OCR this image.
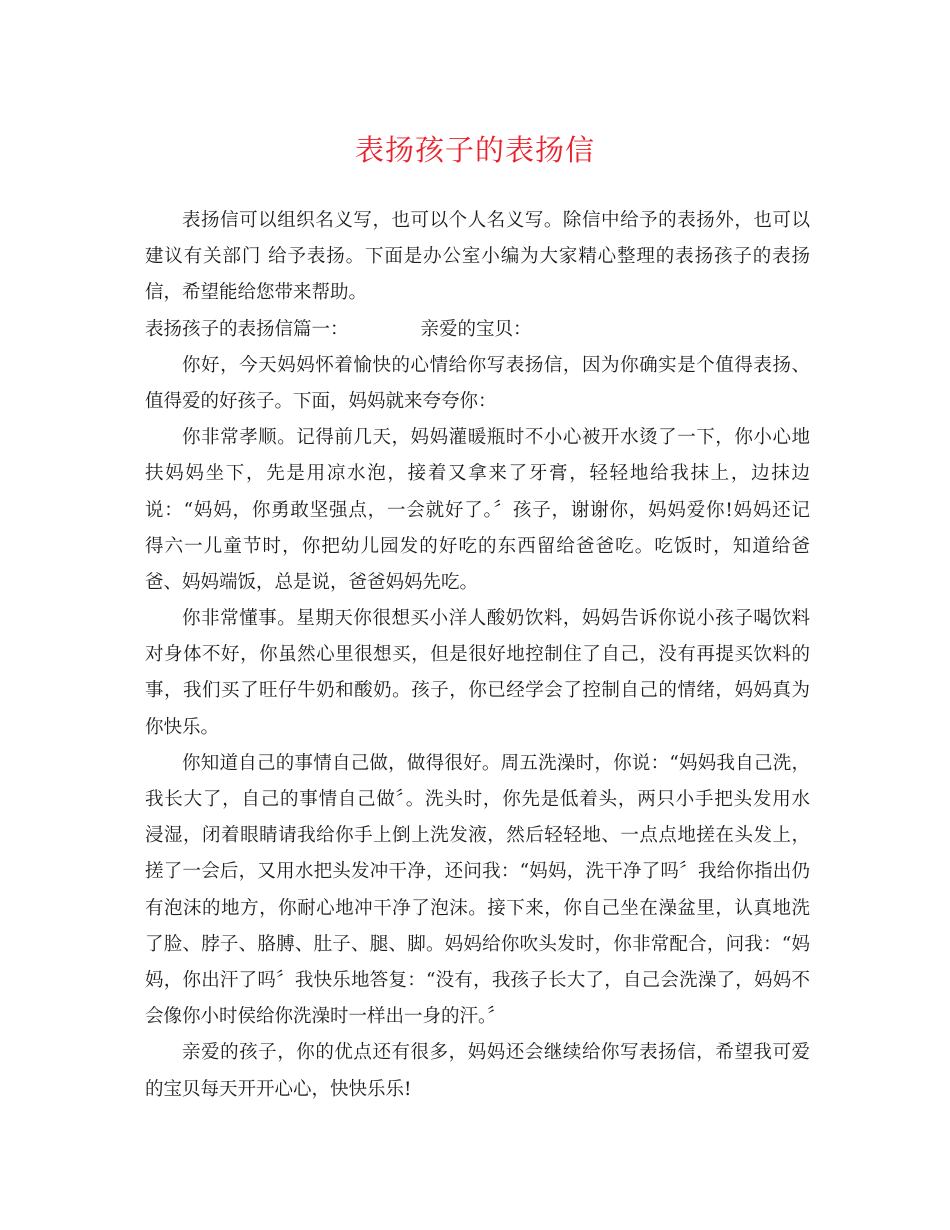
表扬孩子的表扬信
表扬信可以组织名义写，也可以个人名义写。除信中给予的表扬外，也可以
建议有关部门 给予表扬。下面是办公室小编为大家精心整理的表扬孩子的表扬
信，希望能给您带来帮助。
表扬孩子的表扬信篇一：	亲爱的宝贝：
你好，今天妈妈怀着愉快的心情给你写表扬信，因为你确实是个值得表扬、
值得爱的好孩子。下面，妈妈就来夸夸你：
你非常孝顺。记得前几天，妈妈灌暖瓶时不小心被开水烫了一下，你小心地
扶妈妈坐下，先是用凉水泡，接着又拿来了牙膏，轻轻地给我抹上，边抹边
说：“妈妈，你勇敢坚强点，一会就好了。〞孩子，谢谢你，妈妈爱你!妈妈还记
得六一儿童节时，你把幼儿园发的好吃的东西留给爸爸吃。吃饭时，知道给爸
爸、妈妈端饭，总是说，爸爸妈妈先吃。
你非常懂事。星期天你很想买小洋人酸奶饮料，妈妈告诉你说小孩子喝饮料
对身体不好，你虽然心里很想买，但是很好地控制住了自己，没有再提买饮料的
事，我们买了旺仔牛奶和酸奶。孩子，你已经学会了控制自己的情绪，妈妈真为
你快乐。
你知道自己的事情自己做，做得很好。周五洗澡时，你说：“妈妈我自己洗，
我长大了，自己的事情自己做〞。洗头时，你先是低着头，两只小手把头发用水
浸湿，闭着眼睛请我给你手上倒上洗发液，然后轻轻地、一点点地搓在头发上，
搓了一会后，又用水把头发冲干净，还问我：“妈妈，洗干净了吗〞我给你指出仍
有泡沫的地方，你耐心地冲干净了泡沫。接下来，你自己坐在澡盆里，认真地洗
了脸、脖子、胳膊、肚子、腿、脚。妈妈给你吹头发时，你非常配合，问我：“妈
妈，你出汗了吗〞我快乐地答复：“没有，我孩子长大了，自己会洗澡了，妈妈不
会像你小时侯给你洗澡时一样出一身的汗。〞
亲爱的孩子，你的优点还有很多，妈妈还会继续给你写表扬信，希望我可爱
的宝贝每天开开心心，快快乐乐!
